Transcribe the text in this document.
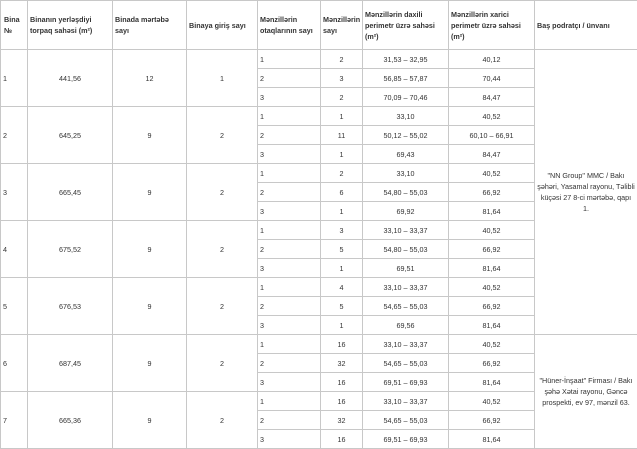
Bina №	Binanın yerləşdiyi torpaq sahəsi (m²)	Binada mərtəbə sayı	Binaya giriş sayı	Mənzillərin otaqlarının sayı	Mənzillərin sayı	Mənzillərin daxili perimetr üzrə sahəsi (m²)	Mənzillərin xarici perimetr üzrə sahəsi (m²)	Baş podratçı / ünvanı
1	441,56	12	1	1	2	31,53 – 32,95	40,12	"NN Group" MMC / Bakı şəhəri, Yasamal rayonu, Təlibli küçəsi 27 8-ci mərtəbə, qapı 1.
				2	3	56,85 – 57,87	70,44	
				3	2	70,09 – 70,46	84,47	
2	645,25	9	2	1	1	33,10	40,52	
				2	11	50,12 – 55,02	60,10 – 66,91	
				3	1	69,43	84,47	
3	665,45	9	2	1	2	33,10	40,52	
				2	6	54,80 – 55,03	66,92	
				3	1	69,92	81,64	
4	675,52	9	2	1	3	33,10 – 33,37	40,52	
				2	5	54,80 – 55,03	66,92	
				3	1	69,51	81,64	
5	676,53	9	2	1	4	33,10 – 33,37	40,52	
				2	5	54,65 – 55,03	66,92	
				3	1	69,56	81,64	
6	687,45	9	2	1	16	33,10 – 33,37	40,52	"Hüner-İnşaat" Firması / Bakı şəhə Xətai rayonu, Gəncə prospekti, ev 97, mənzil 63.
				2	32	54,65 – 55,03	66,92	
				3	16	69,51 – 69,93	81,64	
7	665,36	9	2	1	16	33,10 – 33,37	40,52	
				2	32	54,65 – 55,03	66,92	
				3	16	69,51 – 69,93	81,64	
